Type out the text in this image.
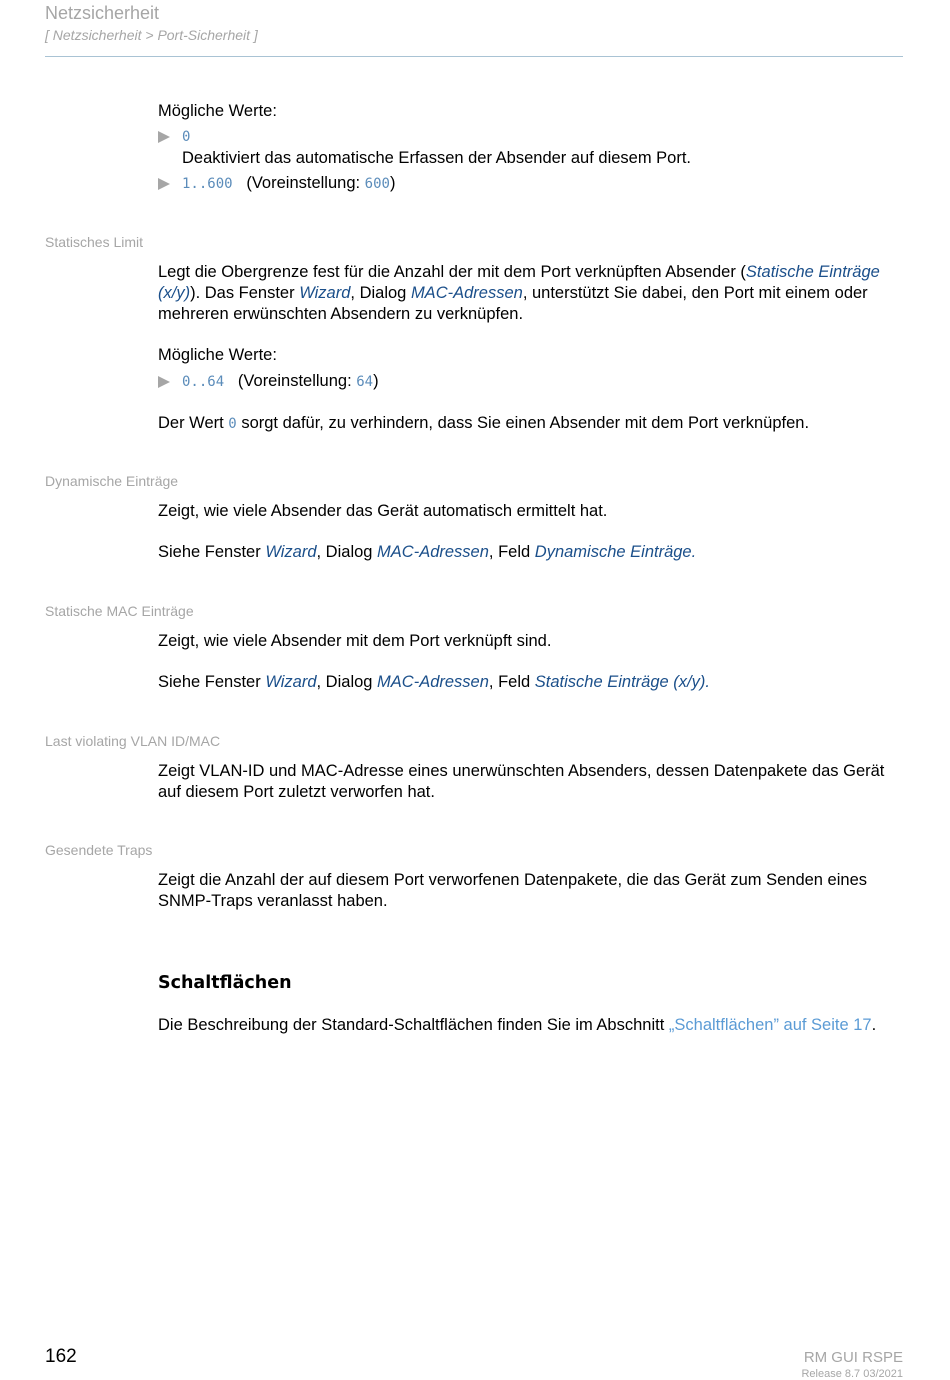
Netzsicherheit
[ Netzsicherheit > Port-Sicherheit ]
Mögliche Werte:
0
Deaktiviert das automatische Erfassen der Absender auf diesem Port.
1..600 (Voreinstellung: 600)
Statisches Limit
Legt die Obergrenze fest für die Anzahl der mit dem Port verknüpften Absender (Statische Einträge (x/y)). Das Fenster Wizard, Dialog MAC-Adressen, unterstützt Sie dabei, den Port mit einem oder mehreren erwünschten Absendern zu verknüpfen.
Mögliche Werte:
0..64 (Voreinstellung: 64)
Der Wert 0 sorgt dafür, zu verhindern, dass Sie einen Absender mit dem Port verknüpfen.
Dynamische Einträge
Zeigt, wie viele Absender das Gerät automatisch ermittelt hat.
Siehe Fenster Wizard, Dialog MAC-Adressen, Feld Dynamische Einträge.
Statische MAC Einträge
Zeigt, wie viele Absender mit dem Port verknüpft sind.
Siehe Fenster Wizard, Dialog MAC-Adressen, Feld Statische Einträge (x/y).
Last violating VLAN ID/MAC
Zeigt VLAN-ID und MAC-Adresse eines unerwünschten Absenders, dessen Datenpakete das Gerät auf diesem Port zuletzt verworfen hat.
Gesendete Traps
Zeigt die Anzahl der auf diesem Port verworfenen Datenpakete, die das Gerät zum Senden eines SNMP-Traps veranlasst haben.
Schaltflächen
Die Beschreibung der Standard-Schaltflächen finden Sie im Abschnitt „Schaltflächen” auf Seite 17.
162	RM GUI RSPE
Release 8.7 03/2021
